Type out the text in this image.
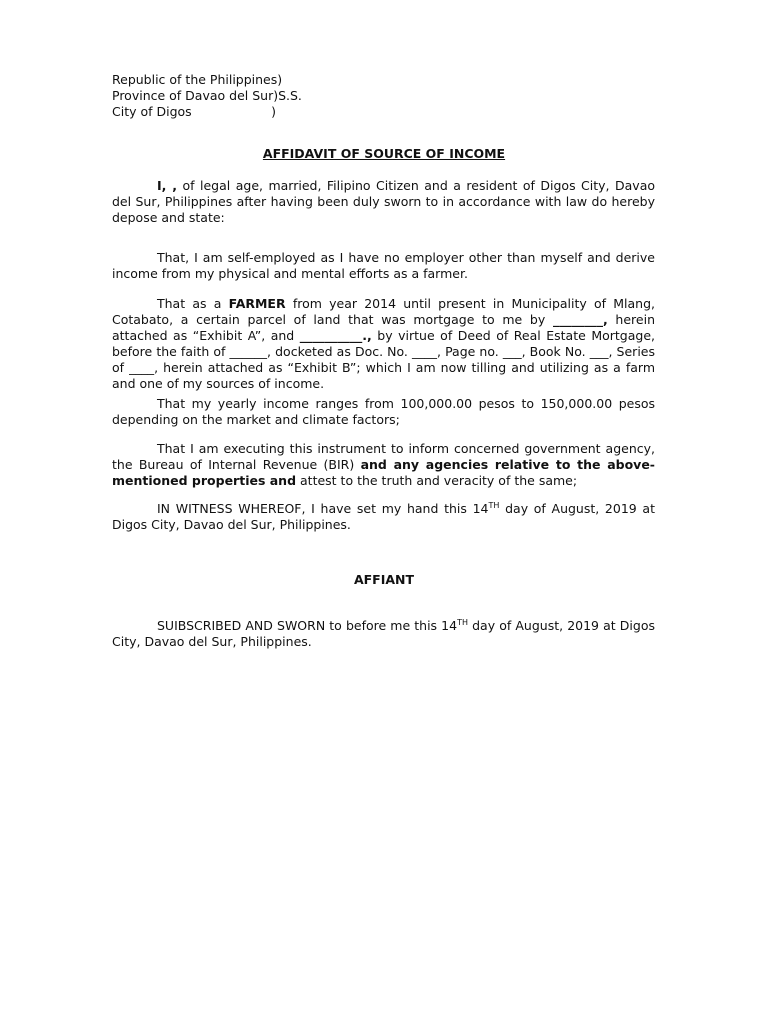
Republic of the Philippines)
Province of Davao del Sur)S.S.
City of Digos                    )
AFFIDAVIT OF SOURCE OF INCOME
I, , of legal age, married, Filipino Citizen and a resident of Digos City, Davao del Sur, Philippines after having been duly sworn to in accordance with law do hereby depose and state:
That, I am self-employed as I have no employer other than myself and derive income from my physical and mental efforts as a farmer.
That as a FARMER from year 2014 until present in Municipality of Mlang, Cotabato, a certain parcel of land that was mortgage to me by ________, herein attached as “Exhibit A”, and __________., by virtue of Deed of Real Estate Mortgage, before the faith of ______, docketed as Doc. No. ____, Page no. ___, Book No. ___, Series of ____, herein attached as “Exhibit B”; which I am now tilling and utilizing as a farm and one of my sources of income.
That my yearly income ranges from 100,000.00 pesos to 150,000.00 pesos depending on the market and climate factors;
That I am executing this instrument to inform concerned government agency, the Bureau of Internal Revenue (BIR) and any agencies relative to the above-mentioned properties and attest to the truth and veracity of the same;
IN WITNESS WHEREOF, I have set my hand this 14TH day of August, 2019 at Digos City, Davao del Sur, Philippines.
AFFIANT
SUIBSCRIBED AND SWORN to before me this 14TH day of August, 2019 at Digos City, Davao del Sur, Philippines.
